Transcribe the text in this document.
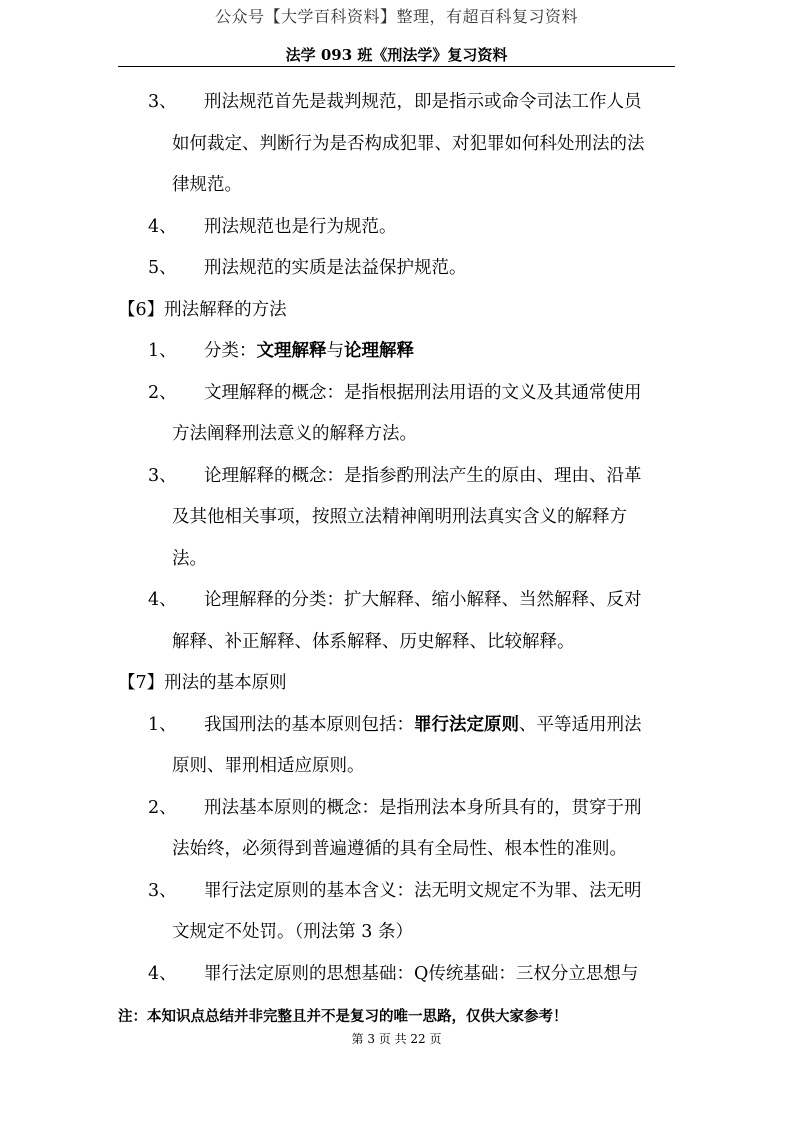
公众号【大学百科资料】整理，有超百科复习资料
法学 093 班《刑法学》复习资料
3、 刑法规范首先是裁判规范，即是指示或命令司法工作人员
如何裁定、判断行为是否构成犯罪、对犯罪如何科处刑法的法
律规范。
4、 刑法规范也是行为规范。
5、 刑法规范的实质是法益保护规范。
【6】刑法解释的方法
1、 分类：文理解释与论理解释
2、 文理解释的概念：是指根据刑法用语的文义及其通常使用
方法阐释刑法意义的解释方法。
3、 论理解释的概念：是指参酌刑法产生的原由、理由、沿革
及其他相关事项，按照立法精神阐明刑法真实含义的解释方
法。
4、 论理解释的分类：扩大解释、缩小解释、当然解释、反对
解释、补正解释、体系解释、历史解释、比较解释。
【7】刑法的基本原则
1、 我国刑法的基本原则包括：罪行法定原则、平等适用刑法
原则、罪刑相适应原则。
2、 刑法基本原则的概念：是指刑法本身所具有的，贯穿于刑
法始终，必须得到普遍遵循的具有全局性、根本性的准则。
3、 罪行法定原则的基本含义：法无明文规定不为罪、法无明
文规定不处罚。（刑法第 3 条）
4、 罪行法定原则的思想基础：Q传统基础：三权分立思想与
注：本知识点总结并非完整且并不是复习的唯一思路，仅供大家参考！
第 3 页 共 22 页
